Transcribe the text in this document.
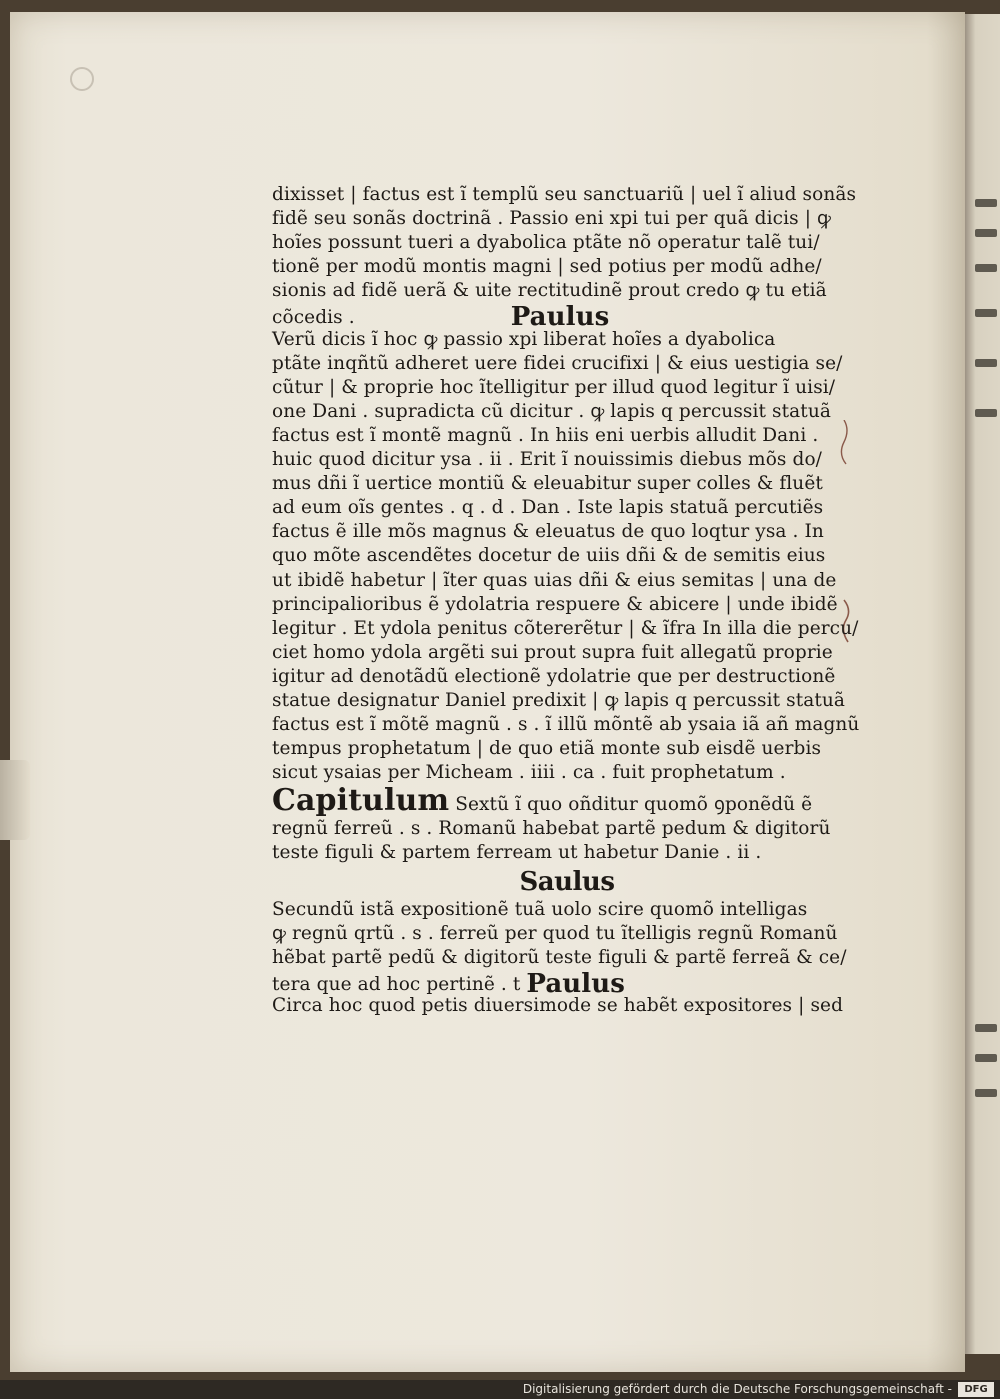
dixisset | factus est ĩ templũ seu sanctuariũ | uel ĩ aliud sonãs
fidẽ seu sonãs doctrinã . Passio eni xpi tui per quã dicis | ꝙ
hoĩes possunt tueri a dyabolica ptãte nõ operatur talẽ tui/
tionẽ per modũ montis magni | sed potius per modũ adhe/
sionis ad fidẽ uerã & uite rectitudinẽ prout credo ꝙ tu etiã
cõcedis .	Paulus
Verũ dicis ĩ hoc ꝙ passio xpi liberat hoĩes a dyabolica
ptãte inqñtũ adheret uere fidei crucifixi | & eius uestigia se/
cũtur | & proprie hoc ĩtelligitur per illud quod legitur ĩ uisi/
one Dani . supradicta cũ dicitur . ꝙ lapis q percussit statuã
factus est ĩ montẽ magnũ . In hiis eni uerbis alludit Dani .
huic quod dicitur ysa . ii . Erit ĩ nouissimis diebus mõs do/
mus dñi ĩ uertice montiũ & eleuabitur super colles & fluẽt
ad eum oĩs gentes . q . d . Dan . Iste lapis statuã percutiẽs
factus ẽ ille mõs magnus & eleuatus de quo loqtur ysa . In
quo mõte ascendẽtes docetur de uiis dñi & de semitis eius
ut ibidẽ habetur | ĩter quas uias dñi & eius semitas | una de
principalioribus ẽ ydolatria respuere & abicere | unde ibidẽ
legitur . Et ydola penitus cõtererẽtur | & ĩfra In illa die percu/
ciet homo ydola argẽti sui prout supra fuit allegatũ proprie
igitur ad denotãdũ electionẽ ydolatrie que per destructionẽ
statue designatur Daniel predixit | ꝙ lapis q percussit statuã
factus est ĩ mõtẽ magnũ . s . ĩ illũ mõntẽ ab ysaia iã añ magnũ
tempus prophetatum | de quo etiã monte sub eisdẽ uerbis
sicut ysaias per Micheam . iiii . ca . fuit prophetatum .
Capitulum Sextũ ĩ quo oñditur quomõ ꝯponẽdũ ẽ
regnũ ferreũ . s . Romanũ habebat partẽ pedum & digitorũ
teste figuli & partem ferream ut habetur Danie . ii .
Saulus
Secundũ istã expositionẽ tuã uolo scire quomõ intelligas
ꝙ regnũ qrtũ . s . ferreũ per quod tu ĩtelligis regnũ Romanũ
hẽbat partẽ pedũ & digitorũ teste figuli & partẽ ferreã & ce/
tera que ad hoc pertinẽ . t Paulus
Circa hoc quod petis diuersimode se habẽt expositores | sed
Digitalisierung gefördert durch die Deutsche Forschungsgemeinschaft -	DFG
